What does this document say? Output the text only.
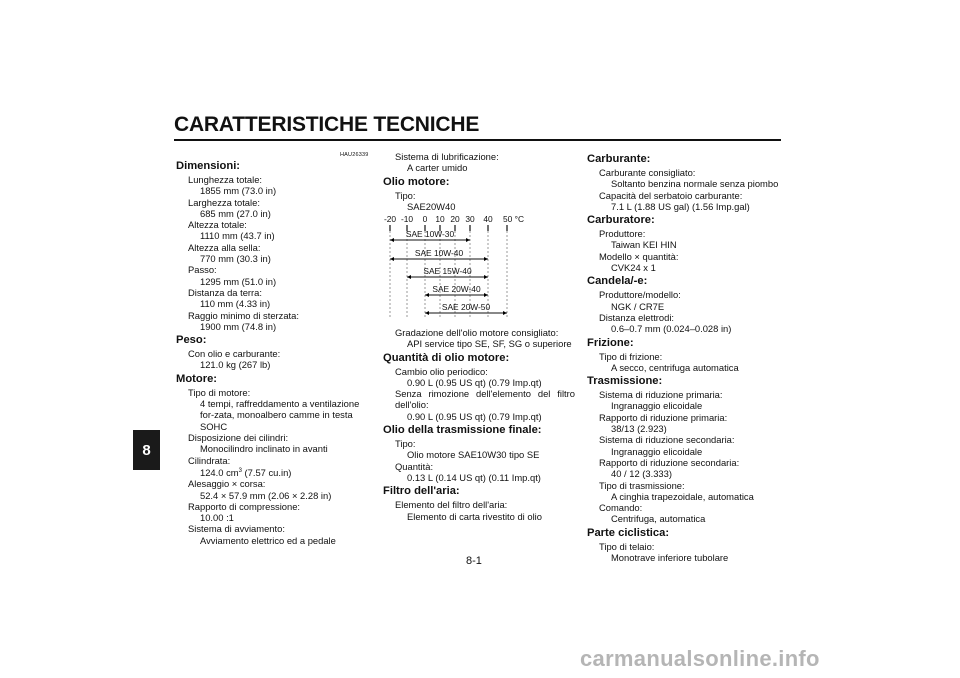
CARATTERISTICHE TECNICHE
8
HAU26339
8-1
Dimensioni:
Lunghezza totale:
1855 mm (73.0 in)
Larghezza totale:
685 mm (27.0 in)
Altezza totale:
1110 mm (43.7 in)
Altezza alla sella:
770 mm (30.3 in)
Passo:
1295 mm (51.0 in)
Distanza da terra:
110 mm (4.33 in)
Raggio minimo di sterzata:
1900 mm (74.8 in)
Peso:
Con olio e carburante:
121.0 kg (267 lb)
Motore:
Tipo di motore:
4 tempi, raffreddamento a ventilazione for-zata, monoalbero camme in testa SOHC
Disposizione dei cilindri:
Monocilindro inclinato in avanti
Cilindrata:
124.0 $cm^3$ (7.57 cu.in)
Alesaggio × corsa:
52.4 × 57.9 mm (2.06 × 2.28 in)
Rapporto di compressione:
10.00 :1
Sistema di avviamento:
Avviamento elettrico ed a pedale
Sistema di lubrificazione:
A carter umido
Olio motore:
Tipo:
SAE20W40
-20 -10 0 10 20 30 40 50 °C
SAE 10W-30
SAE 10W-40
SAE 15W-40
SAE 20W-40
SAE 20W-50
Gradazione dell'olio motore consigliato:
API service tipo SE, SF, SG o superiore
Quantità di olio motore:
Cambio olio periodico:
0.90 L (0.95 US qt) (0.79 Imp.qt)
Senza rimozione dell'elemento del filtro dell'olio:
0.90 L (0.95 US qt) (0.79 Imp.qt)
Olio della trasmissione finale:
Tipo:
Olio motore SAE10W30 tipo SE
Quantità:
0.13 L (0.14 US qt) (0.11 Imp.qt)
Filtro dell'aria:
Elemento del filtro dell'aria:
Elemento di carta rivestito di olio
Carburante:
Carburante consigliato:
Soltanto benzina normale senza piombo
Capacità del serbatoio carburante:
7.1 L (1.88 US gal) (1.56 Imp.gal)
Carburatore:
Produttore:
Taiwan KEI HIN
Modello × quantità:
CVK24 x 1
Candela/-e:
Produttore/modello:
NGK / CR7E
Distanza elettrodi:
0.6–0.7 mm (0.024–0.028 in)
Frizione:
Tipo di frizione:
A secco, centrifuga automatica
Trasmissione:
Sistema di riduzione primaria:
Ingranaggio elicoidale
Rapporto di riduzione primaria:
38/13 (2.923)
Sistema di riduzione secondaria:
Ingranaggio elicoidale
Rapporto di riduzione secondaria:
40 / 12 (3.333)
Tipo di trasmissione:
A cinghia trapezoidale, automatica
Comando:
Centrifuga, automatica
Parte ciclistica:
Tipo di telaio:
Monotrave inferiore tubolare
carmanualsonline.info
